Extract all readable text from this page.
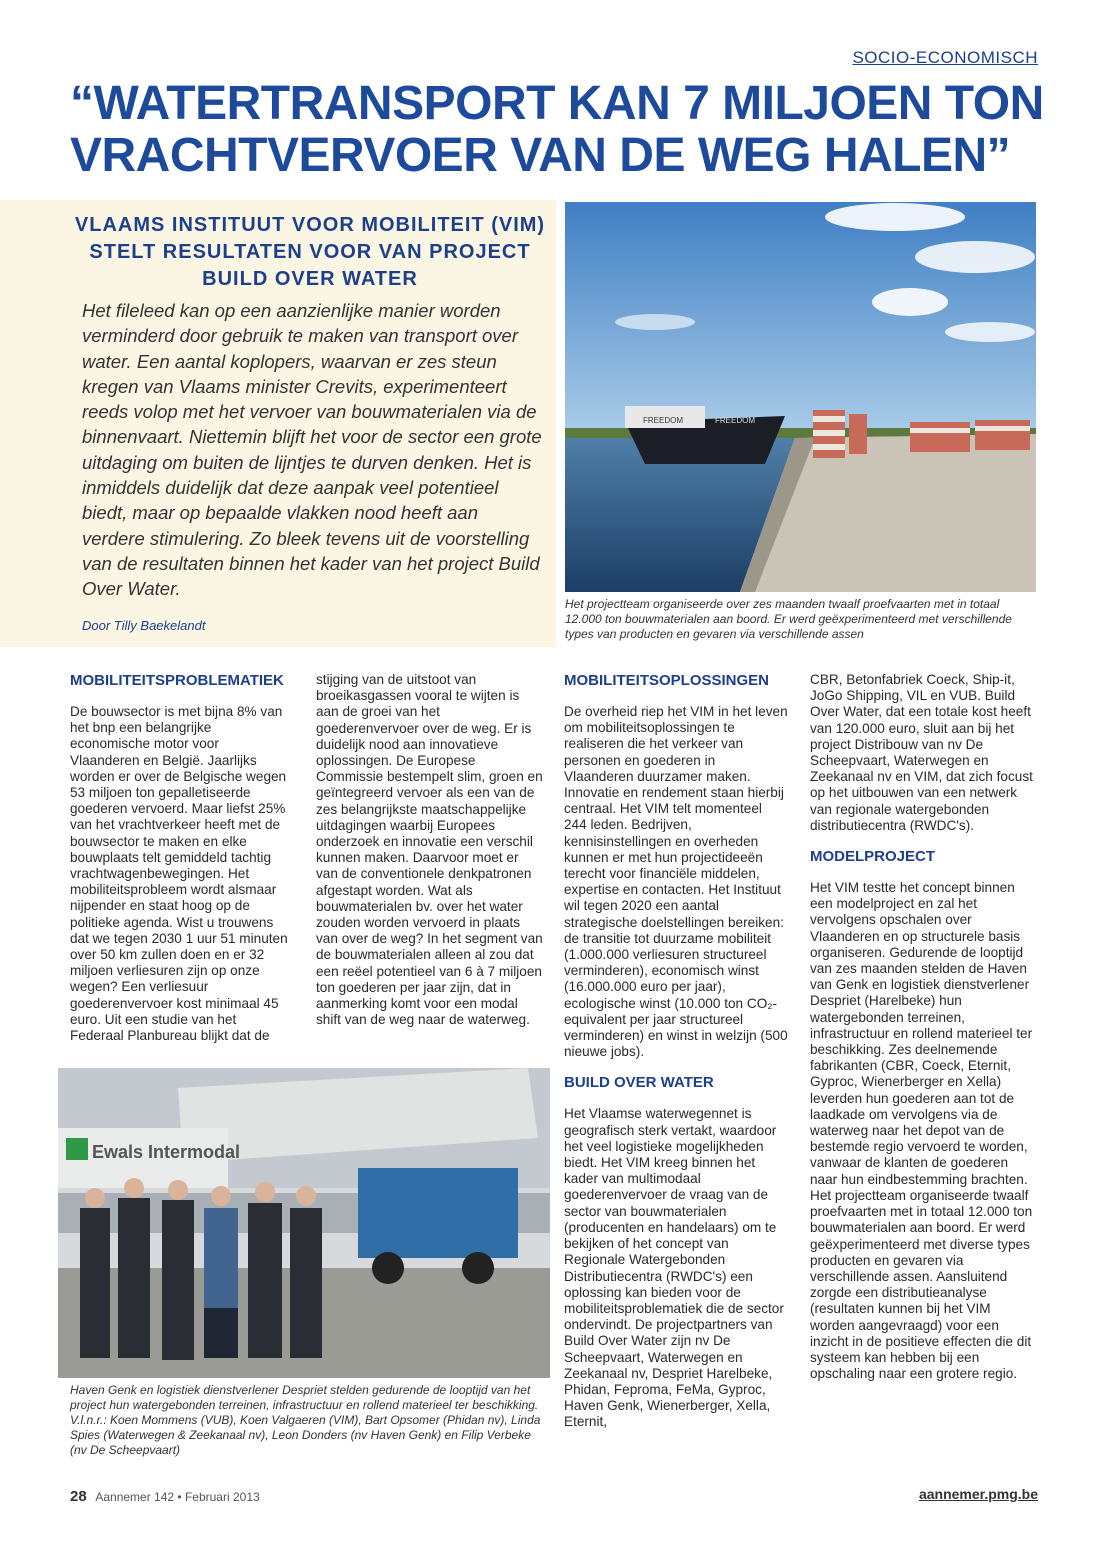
SOCIO-ECONOMISCH
“WATERTRANSPORT KAN 7 MILJOEN TON VRACHTVERVOER VAN DE WEG HALEN”
VLAAMS INSTITUUT VOOR MOBILITEIT (VIM) STELT RESULTATEN VOOR VAN PROJECT BUILD OVER WATER

Het fileleed kan op een aanzienlijke manier worden verminderd door gebruik te maken van transport over water. Een aantal koplopers, waarvan er zes steun kregen van Vlaams minister Crevits, experimenteert reeds volop met het vervoer van bouwmaterialen via de binnenvaart. Niettemin blijft het voor de sector een grote uitdaging om buiten de lijntjes te durven denken. Het is inmiddels duidelijk dat deze aanpak veel potentieel biedt, maar op bepaalde vlakken nood heeft aan verdere stimulering. Zo bleek tevens uit de voorstelling van de resultaten binnen het kader van het project Build Over Water.

Door Tilly Baekelandt
FREEDOM	FREEDOM

Het projectteam organiseerde over zes maanden twaalf proefvaarten met in totaal 12.000 ton bouwmaterialen aan boord. Er werd geëxperimenteerd met verschillende types van producten en gevaren via verschillende assen

MOBILITEITSPROBLEMATIEK

De bouwsector is met bijna 8% van het bnp een belangrijke economische motor voor Vlaanderen en België. Jaarlijks worden er over de Belgische wegen 53 miljoen ton gepalletiseerde goederen vervoerd. Maar liefst 25% van het vrachtverkeer heeft met de bouwsector te maken en elke bouwplaats telt gemiddeld tachtig vrachtwagenbewegingen. Het mobiliteitsprobleem wordt alsmaar nijpender en staat hoog op de politieke agenda. Wist u trouwens dat we tegen 2030 1 uur 51 minuten over 50 km zullen doen en er 32 miljoen verliesuren zijn op onze wegen? Een verliesuur goederenvervoer kost minimaal 45 euro. Uit een studie van het Federaal Planbureau blijkt dat de

stijging van de uitstoot van broeikasgassen vooral te wijten is aan de groei van het goederenvervoer over de weg. Er is duidelijk nood aan innovatieve oplossingen. De Europese Commissie bestempelt slim, groen en geïntegreerd vervoer als een van de zes belangrijkste maatschappelijke uitdagingen waarbij Europees onderzoek en innovatie een verschil kunnen maken. Daarvoor moet er van de conventionele denkpatronen afgestapt worden. Wat als bouwmaterialen bv. over het water zouden worden vervoerd in plaats van over de weg? In het segment van de bouwmaterialen alleen al zou dat een reëel potentieel van 6 à 7 miljoen ton goederen per jaar zijn, dat in aanmerking komt voor een modal shift van de weg naar de waterweg.

MOBILITEITSOPLOSSINGEN

De overheid riep het VIM in het leven om mobiliteitsoplossingen te realiseren die het verkeer van personen en goederen in Vlaanderen duurzamer maken. Innovatie en rendement staan hierbij centraal. Het VIM telt momenteel 244 leden. Bedrijven, kennisinstellingen en overheden kunnen er met hun projectideeën terecht voor financiële middelen, expertise en contacten. Het Instituut wil tegen 2020 een aantal strategische doelstellingen bereiken: de transitie tot duurzame mobiliteit (1.000.000 verliesuren structureel verminderen), economisch winst (16.000.000 euro per jaar), ecologische winst (10.000 ton CO₂-equivalent per jaar structureel verminderen) en winst in welzijn (500 nieuwe jobs).

BUILD OVER WATER

Het Vlaamse waterwegennet is geografisch sterk vertakt, waardoor het veel logistieke mogelijkheden biedt. Het VIM kreeg binnen het kader van multimodaal goederenvervoer de vraag van de sector van bouwmaterialen (producenten en handelaars) om te bekijken of het concept van Regionale Watergebonden Distributiecentra (RWDC's) een oplossing kan bieden voor de mobiliteitsproblematiek die de sector ondervindt. De projectpartners van Build Over Water zijn nv De Scheepvaart, Waterwegen en Zeekanaal nv, Despriet Harelbeke, Phidan, Feproma, FeMa, Gyproc, Haven Genk, Wienerberger, Xella, Eternit,

CBR, Betonfabriek Coeck, Ship-it, JoGo Shipping, VIL en VUB. Build Over Water, dat een totale kost heeft van 120.000 euro, sluit aan bij het project Distribouw van nv De Scheepvaart, Waterwegen en Zeekanaal nv en VIM, dat zich focust op het uitbouwen van een netwerk van regionale watergebonden distributiecentra (RWDC's).

MODELPROJECT

Het VIM testte het concept binnen een modelproject en zal het vervolgens opschalen over Vlaanderen en op structurele basis organiseren. Gedurende de looptijd van zes maanden stelden de Haven van Genk en logistiek dienstverlener Despriet (Harelbeke) hun watergebonden terreinen, infrastructuur en rollend materieel ter beschikking. Zes deelnemende fabrikanten (CBR, Coeck, Eternit, Gyproc, Wienerberger en Xella) leverden hun goederen aan tot de laadkade om vervolgens via de waterweg naar het depot van de bestemde regio vervoerd te worden, vanwaar de klanten de goederen naar hun eindbestemming brachten. Het projectteam organiseerde twaalf proefvaarten met in totaal 12.000 ton bouwmaterialen aan boord. Er werd geëxperimenteerd met diverse types producten en gevaren via verschillende assen. Aansluitend zorgde een distributieanalyse (resultaten kunnen bij het VIM worden aangevraagd) voor een inzicht in de positieve effecten die dit systeem kan hebben bij een opschaling naar een grotere regio.

Ewals Intermodal

Haven Genk en logistiek dienstverlener Despriet stelden gedurende de looptijd van het project hun watergebonden terreinen, infrastructuur en rollend materieel ter beschikking. V.l.n.r.: Koen Mommens (VUB), Koen Valgaeren (VIM), Bart Opsomer (Phidan nv), Linda Spies (Waterwegen & Zeekanaal nv), Leon Donders (nv Haven Genk) en Filip Verbeke (nv De Scheepvaart)

28 Aannemer 142 • Februari 2013	aannemer.pmg.be
